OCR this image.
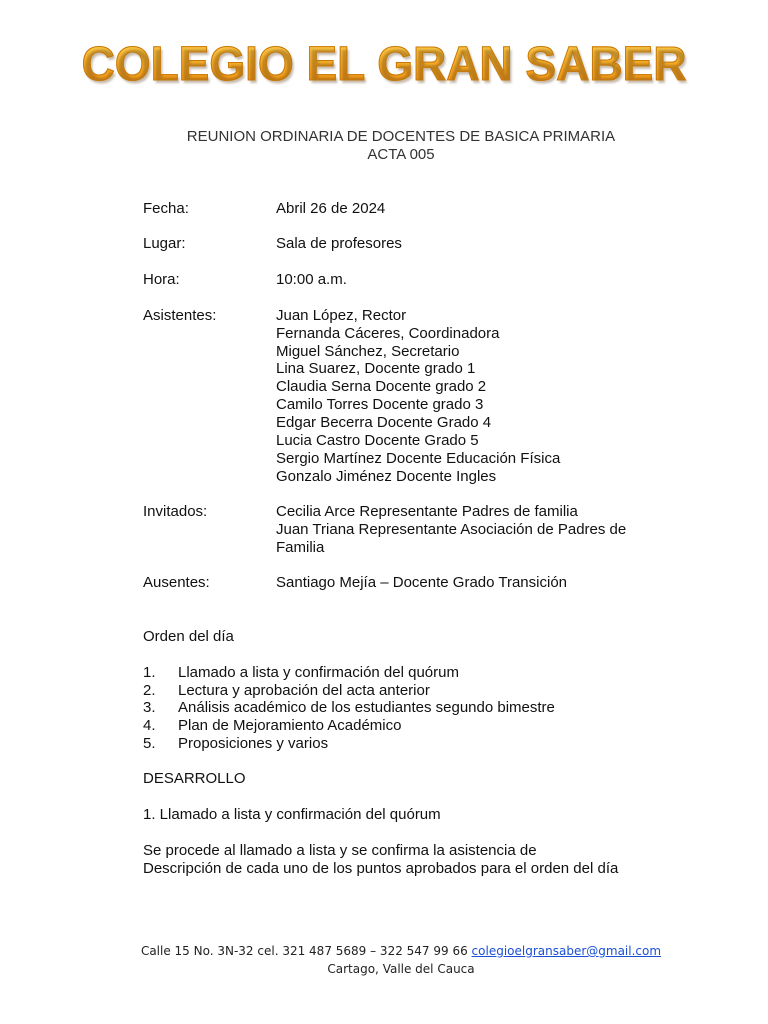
COLEGIO EL GRAN SABER
REUNION ORDINARIA DE DOCENTES DE BASICA PRIMARIA
ACTA 005
Fecha:	Abril 26 de 2024
Lugar:	Sala de profesores
Hora:	10:00 a.m.
Asistentes:	Juan López, Rector
Fernanda Cáceres, Coordinadora
Miguel Sánchez, Secretario
Lina Suarez, Docente grado 1
Claudia Serna Docente grado 2
Camilo Torres Docente grado 3
Edgar Becerra Docente Grado 4
Lucia Castro Docente Grado 5
Sergio Martínez Docente Educación Física
Gonzalo Jiménez Docente Ingles
Invitados:	Cecilia Arce Representante Padres de familia
Juan Triana Representante Asociación de Padres de
Familia
Ausentes:	Santiago Mejía – Docente Grado Transición
Orden del día
1. Llamado a lista y confirmación del quórum
2. Lectura y aprobación del acta anterior
3. Análisis académico de los estudiantes segundo bimestre
4. Plan de Mejoramiento Académico
5. Proposiciones y varios
DESARROLLO
1. Llamado a lista y confirmación del quórum
Se procede al llamado a lista y se confirma la asistencia de
Descripción de cada uno de los puntos aprobados para el orden del día
Calle 15 No. 3N-32 cel. 321 487 5689 – 322 547 99 66 colegioelgransaber@gmail.com
Cartago, Valle del Cauca
